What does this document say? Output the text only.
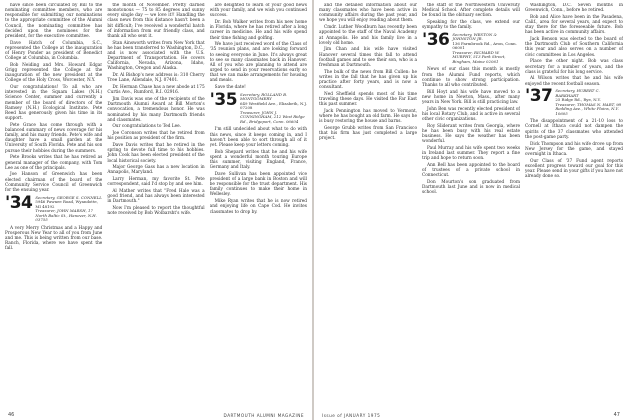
have since been circulated by Bill to the nominating committee members, who are responsible for submitting our nominations to the appropriate committee of the Alumni Council, the nominating committee has decided upon the nominees for the president, for the executive committee.

Dave Hatch of Columbia, S.C., represented the College at the inauguration of Henry Ponder as president of Benedict College at Columbia, in Columbia.

Bob Neiding and Mrs. Howard Edgar Grigg represented the College at the inauguration of the new president at the College of the Holy Cross, Worcester, N.Y.

Our congratulations! To all who are interested in the Squam Lakes (N.H.) Science Center, summer and currently a member of the board of directors of the Ramsey (N.H.) Ecological Institute. Pete Reed has generously given his time in its support.

Pete Grace has come through with a balanced summary of news coverage for his family, and his many friends. Pete's wife and daughter have a small garden at the University of South Florida. Pete and his son pursue their hobbies during the summers.

Pete Brooks writes that he has retired as general manager of the company, with Tom Lee as one of the principals.

Joe Hanson of Greenwich has been elected chairman of the board of the Community Service Council of Greenwich for the ensuing year.

'34 Secretary, GEORGE S. CONNELL
5946 Pawnee Road, Wyandotte, MI 48192
Treasurer, JOHN MARSH, 17 North Baltic St., Hanover, N.H. 03755

A very Merry Christmas and a Happy and Prosperous New Year to all of you from June and me. This is being written from our base. Ranch, Florida, where we have spent the fall.

the month of November. Pretty darned monotonous — 75 to 85 degrees and sunny every single day — we love it!! Handling the class news from this distance hasn't been a bit difficult; I've received a wonderful batch of information from our friendly class, and thank all who sent it.

Stan Ainsworth writes from New York that he has been transferred to Washington, D.C., and is now associated with the U.S. Department of Transportation. He covers California, Nevada, Arizona, Idaho, Washington, Oregon and Alaska.

Dr. Al Bishop's new address is: 310 Cherry Tree Lane, Allendale, N.J. 07401.

Dr. Herman Chase has a new abode at 175 Curtis Ave., Rumford, R.I. 02916.

Jim Davis was one of the recipients of the Dartmouth Alumni Award at Bill Morton's convocation, a tremendous honor. He was nominated by his many Dartmouth friends and classmates.

Our congratulations to Ted Lee.

Joe Coronson writes that he retired from his position as president of the firm.

Dave Davis writes that he retired in the spring to devote full time to his hobbies. John Cook has been elected president of the local historical society.

Major George Gass has a new location in Annapolis, Maryland.

Larry Herman, my favorite St. Pete correspondent, said I'd stop by and see him.

Al Mather writes that "Fred Hale was a good friend, and has always been interested in Dartmouth."

Now I'm pleased to report the thoughtful note received by Bob Wolbarsht's wife.

are delighted to learn of your good news with your family, and we wish you continued success.

Dr. Bob Walker writes from his new home in Florida, where he has retired after a long career in medicine. He and his wife spend their time fishing and golfing.

We have just received word of the Class of '35 reunion plans, and are looking forward to seeing everyone in June. It's always great to see so many classmates back in Hanover. All of you who are planning to attend are urged to send in your reservations early so that we can make arrangements for housing and meals.

Save the date!

'35 Secretary, ROLLAND B. MONTGOMERY
649 Westfield Ave., Elizabeth, N.J. 07208
Treasurer, JOHN J. CUNNINGHAM, 212 West Ridge Rd., Bridgeport, Conn. 06604

I'm still undecided about what to do with this news, since it keeps coming in, and I haven't been able to sort through all of it yet. Please keep your letters coming.

Bob Shepard writes that he and his wife spent a wonderful month touring Europe this summer, visiting England, France, Germany and Italy.

Dave Sullivan has been appointed vice president of a large bank in Boston and will be responsible for the trust department. His family continues to make their home in Wellesley.

Mike Ryan writes that he is now retired and enjoying life on Cape Cod. He invites classmates to drop by.

46	DARTMOUTH ALUMNI MAGAZINE

and the detailed information about our many classmates who have been active in community affairs during the past year, and we hope you will enjoy reading about them.

Cmdr. Luther Woodburn has recently been appointed to the staff of the Naval Academy at Annapolis. He and his family live in a lovely old home.

Jim Chan and his wife have visited Hanover several times this fall to attend football games and to see their son, who is a freshman at Dartmouth.

The bulk of the news from Bill Cullen: he writes in the fall that he has given up his practice after forty years, and is now a consultant.

Ned Sheffield spends most of his time traveling these days. He visited the Far East this past summer.

Jack Pennington has moved to Vermont, where he has bought an old farm. He says he is busy restoring the house and barns.

George Grubb writes from San Francisco that his firm has just completed a large project.

the staff of the Northwestern University Medical School. After complete details will be found in the obituary section.

Speaking for the class, we extend our sympathy to the family.

'36 Secretary, WESTON & JOHNSTON JR.
136 Farmbrook Rd., Avon, Conn. 06001
Treasurer, RICHARD W. MURPHY, 513 Park Street, Bingham, Maine 02061

News of our class this month is mostly from the Alumni Fund reports, which continue to show strong participation. Thanks to all who contributed.

Bill Hoyt and his wife have moved to a new home in Newton, Mass., after many years in New York. Bill is still practicing law.

John Ben was recently elected president of his local Rotary Club, and is active in several other civic organizations.

Roy Sliderant writes from Georgia, where he has been busy with his real estate business. He says the weather has been wonderful.

Paul Murray and his wife spent two weeks in Ireland last summer. They report a fine trip and hope to return soon.

Ann Bell has been appointed to the board of trustees of a private school in Connecticut.

Don Mourton's son graduated from Dartmouth last June and is now in medical school.

Washington, D.C. Seven months in Greenwich, Conn., before he retired.

Bob and Alice have been in the Pasadena, Calif., area for several years, and expect to stay there for the foreseeable future. Bob has been active in community affairs.

Jack Benson was elected to the board of the Dartmouth Club of Southern California this year and also serves on a number of civic committees in Los Angeles.

Place the other night. Bob was class secretary for a number of years, and the class is grateful for his long service.

Al Wilson writes that he and his wife enjoyed the recent football season.

'37 Secretary, HUBERT C. BARKHART
25 Ridge Rd., Rye, N.Y.
Treasurer, THOMAS N. HART, 98 Redding Ave., White Plains, N.Y. 10605

The disappointment of a 21-10 loss to Cornell at Ithaca could not dampen the spirits of the 37 classmates who attended the post-game party.

Dick Thompson and his wife drove up from New Jersey for the game, and stayed overnight in Ithaca.

Our Class of '37 Fund agent reports excellent progress toward our goal for this year. Please send in your gifts if you have not already done so.

Issue of JANUARY 1975	47
